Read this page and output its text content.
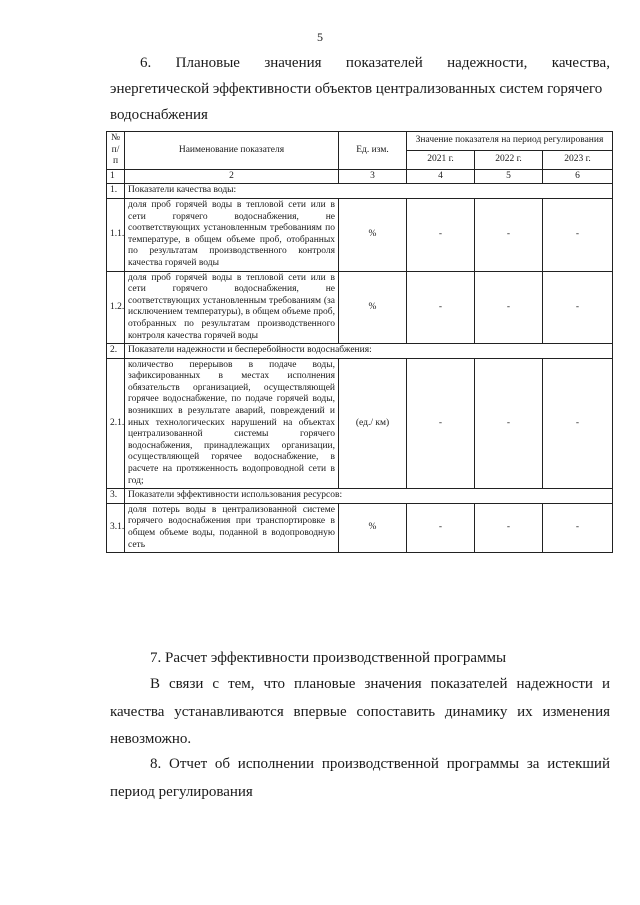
5
6. Плановые значения показателей надежности, качества,
энергетической эффективности объектов централизованных систем горячего
водоснабжения
№ п/п	Наименование показателя	Ед. изм.	Значение показателя на период регулирования		
			2021 г.	2022 г.	2023 г.
1	2	3	4	5	6
1.	Показатели качества воды:				
1.1.	доля проб горячей воды в тепловой сети или в сети горячего водоснабжения, не соответствующих установленным требованиям по температуре, в общем объеме проб, отобранных по результатам производственного контроля качества горячей воды	%	-	-	-
1.2.	доля проб горячей воды в тепловой сети или в сети горячего водоснабжения, не соответствующих установленным требованиям (за исключением температуры), в общем объеме проб, отобранных по результатам производственного контроля качества горячей воды	%	-	-	-
2.	Показатели надежности и бесперебойности водоснабжения:				
2.1.	количество перерывов в подаче воды, зафиксированных в местах исполнения обязательств организацией, осуществляющей горячее водоснабжение, по подаче горячей воды, возникших в результате аварий, повреждений и иных технологических нарушений на объектах централизованной системы горячего водоснабжения, принадлежащих организации, осуществляющей горячее водоснабжение, в расчете на протяженность водопроводной сети в год;	(ед./ км)	-	-	-
3.	Показатели эффективности использования ресурсов:				
3.1.	доля потерь воды в централизованной системе горячего водоснабжения при транспортировке в общем объеме воды, поданной в водопроводную сеть	%	-	-	-
7. Расчет эффективности производственной программы
В связи с тем, что плановые значения показателей надежности и качества устанавливаются впервые сопоставить динамику их изменения невозможно.
8. Отчет об исполнении производственной программы за истекший период регулирования
